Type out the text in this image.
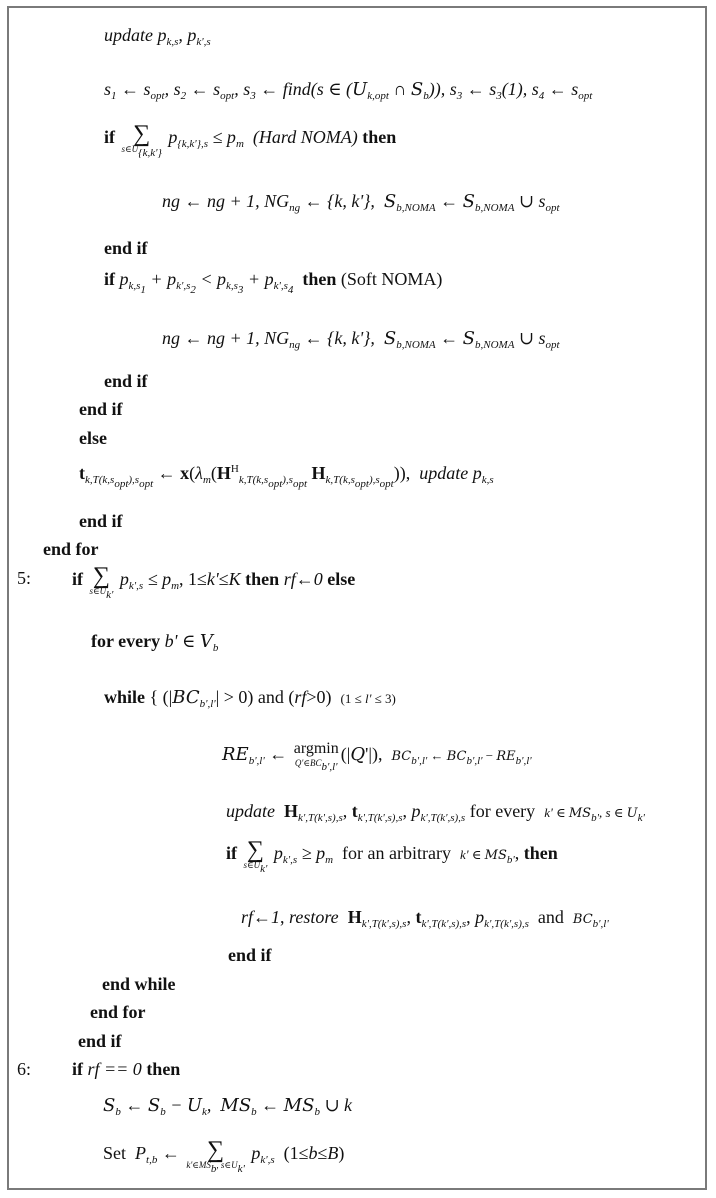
update $p_{k,s}$, $p_{k',s}$
$s_1$ ← $s_{opt}$, $s_2$ ← $s_{opt}$, $s_3$ ← find(s ∈ ($U_{k,opt}$ ∩ $S_b$)), $s_3$ ← $s_3(1)$, $s_4$ ← $s_{opt}$
if ∑
$s\in U_{\{k,k'\}}$
$p_{\{k,k'\},s} \le p_m$ (Hard NOMA) then
ng ← ng + 1, $NG_{ng}$ ← {k, k'},  $S_{b,NOMA}$ ← $S_{b,NOMA}$ ∪ $s_{opt}$
end if
if $p_{k,s_1} + p_{k',s_2} < p_{k,s_3} + p_{k',s_4}$  then (Soft NOMA)
ng ← ng + 1, $NG_{ng}$ ← {k, k'},  $S_{b,NOMA}$ ← $S_{b,NOMA}$ ∪ $s_{opt}$
end if
end if
else
$t_{k,T(k,s_{opt}),s_{opt}}$ ← $x(\lambda_m(H^H_{k,T(k,s_{opt}),s_{opt}}$ $H_{k,T(k,s_{opt}),s_{opt}}$)),  update $p_{k,s}$
end if
end for
5: if ∑
$s\in U_{k'}$
$p_{k',s} \le p_m$, 1≤k'≤K then rf←0 else
for every b' ∈ $V_b$
while { $(|BC_{b',l'}| > 0)$ and (rf>0)  (1 ≤ l' ≤ 3)
$RE_{b',l'}$ ← argmin
$Q'\in BC_{b',l'}$
(|Q'|),  $BC_{b',l'}$ ← $BC_{b',l'} - RE_{b',l'}$
update $H_{k',T(k',s),s}$, $t_{k',T(k',s),s}$, $p_{k',T(k',s),s}$ for every k' ∈ $MS_{b'}$, s ∈ $U_{k'}$
if ∑
$s\in U_{k'}$
$p_{k',s} \ge p_m$ for an arbitrary k' ∈ $MS_{b'}$, then
rf←1, restore $H_{k',T(k',s),s}$, $t_{k',T(k',s),s}$, $p_{k',T(k',s),s}$ and $BC_{b',l'}$
end if
end while
end for
end if
6: if rf == 0 then
$S_b$ ← $S_b - U_k$,  $MS_b$ ← $MS_b$ ∪ k
Set $P_{t,b}$ ← ∑
$k'\in MS_b$, $s\in U_{k'}$
$p_{k',s}$  (1≤b≤B)
